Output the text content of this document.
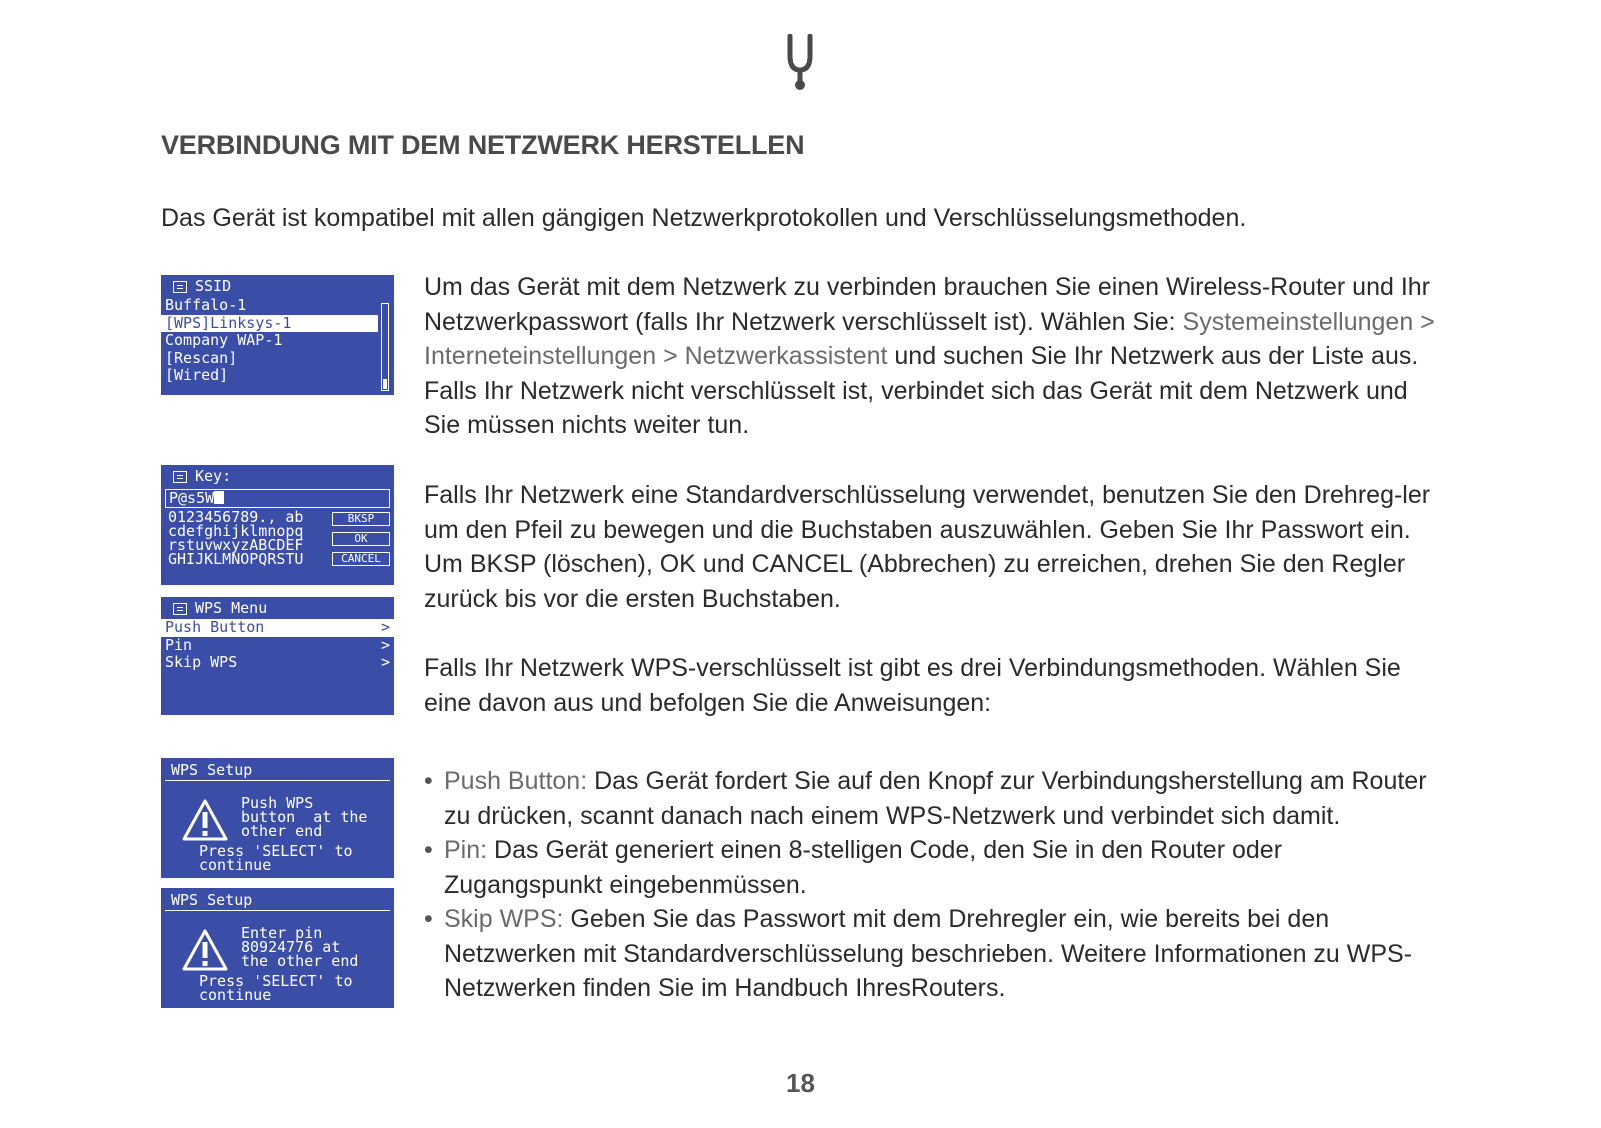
VERBINDUNG MIT DEM NETZWERK HERSTELLEN

Das Gerät ist kompatibel mit allen gängigen Netzwerkprotokollen und Verschlüsselungsmethoden.

SSID
Buffalo-1
[WPS]Linksys-1
Company WAP-1
[Rescan]
[Wired]
Key:
P@s5W
0123456789., ab
cdefghijklmnopq
rstuvwxyzABCDEF
GHIJKLMNOPQRSTU
BKSP
OK
CANCEL
WPS Menu
Push Button	>
Pin	>
Skip WPS	>
WPS Setup
Push WPS
button  at the
other end
Press 'SELECT' to
continue
WPS Setup
Enter pin
80924776 at
the other end
Press 'SELECT' to
continue

Um das Gerät mit dem Netzwerk zu verbinden brauchen Sie einen Wireless-Router und Ihr Netzwerkpasswort (falls Ihr Netzwerk verschlüsselt ist). Wählen Sie: Systemeinstellungen > Interneteinstellungen > Netzwerkassistent und suchen Sie Ihr Netzwerk aus der Liste aus. Falls Ihr Netzwerk nicht verschlüsselt ist, verbindet sich das Gerät mit dem Netzwerk und Sie müssen nichts weiter tun.

Falls Ihr Netzwerk eine Standardverschlüsselung verwendet, benutzen Sie den Drehreg-ler um den Pfeil zu bewegen und die Buchstaben auszuwählen. Geben Sie Ihr Passwort ein. Um BKSP (löschen), OK und CANCEL (Abbrechen) zu erreichen, drehen Sie den Regler zurück bis vor die ersten Buchstaben.

Falls Ihr Netzwerk WPS-verschlüsselt ist gibt es drei Verbindungsmethoden. Wählen Sie eine davon aus und befolgen Sie die Anweisungen:

• Push Button: Das Gerät fordert Sie auf den Knopf zur Verbindungsherstellung am Router zu drücken, scannt danach nach einem WPS-Netzwerk und verbindet sich damit.
• Pin: Das Gerät generiert einen 8-stelligen Code, den Sie in den Router oder Zugangspunkt eingebenmüssen.
• Skip WPS: Geben Sie das Passwort mit dem Drehregler ein, wie bereits bei den Netzwerken mit Standardverschlüsselung beschrieben. Weitere Informationen zu WPS- Netzwerken finden Sie im Handbuch IhresRouters.

18
